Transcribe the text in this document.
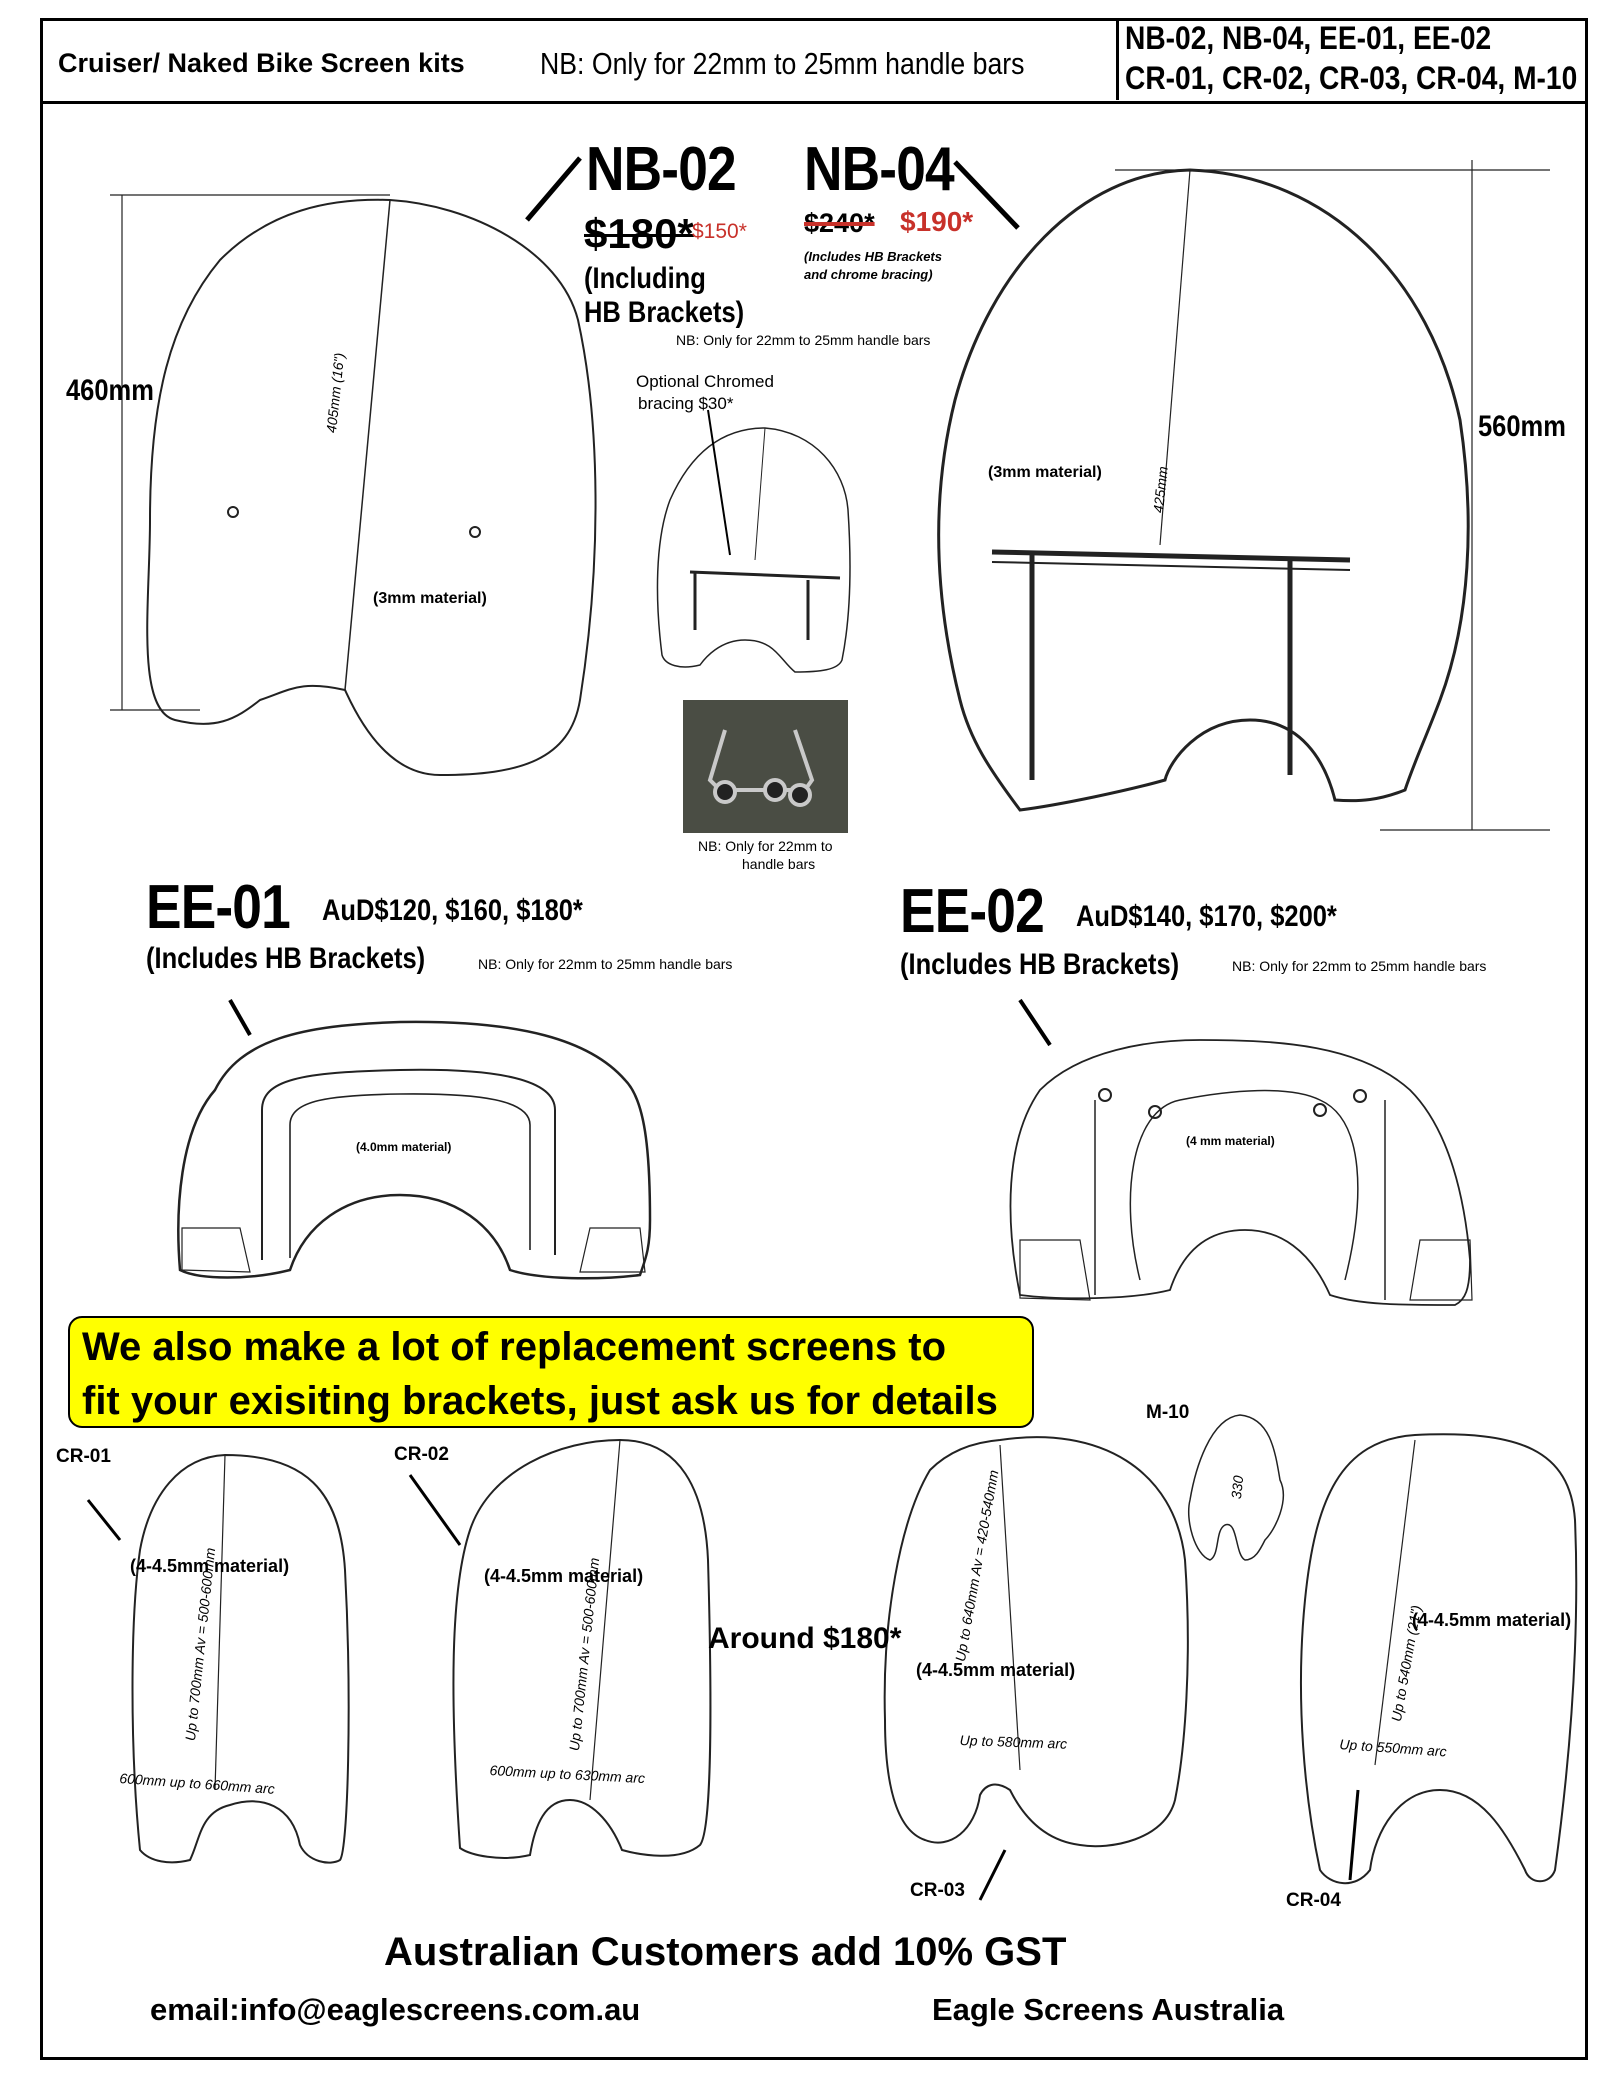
Cruiser/ Naked Bike Screen kits NB: Only for 22mm to 25mm handle bars
NB-02, NB-04, EE-01, EE-02
CR-01, CR-02, CR-03, CR-04, M-10
NB-02
$180*
$150*
(Including
HB Brackets)
NB: Only for 22mm to 25mm handle bars
460mm
(3mm material)
405mm (16")	Optional Chromed
bracing $30*
NB: Only for 22mm to
handle bars
NB-04
$240* $190*
(Includes HB Brackets
and chrome bracing)
560mm
(3mm material)	425mm
EE-01 AuD$120, $160, $180*
(Includes HB Brackets)	NB: Only for 22mm to 25mm handle bars
(4.0mm material)
EE-02 AuD$140, $170, $200*
(Includes HB Brackets)	NB: Only for 22mm to 25mm handle bars
(4 mm material)
We also make a lot of replacement screens to
fit your exisiting brackets, just ask us for details
CR-01	CR-02
M-10
CR-03	CR-04
(4-4.5mm material)	(4-4.5mm material)
(4-4.5mm material)
(4-4.5mm material)
Around $180*
Up to 700mm Av = 500-600mm
600mm up to 660mm arc
Up to 700mm Av = 500-600mm
600mm up to 630mm arc
Up to 640mm Av = 420-540mm
Up to 580mm arc
Up to 540mm (21")
Up to 550mm arc
330
Australian Customers add 10% GST
email:info@eaglescreens.com.au	Eagle Screens Australia
